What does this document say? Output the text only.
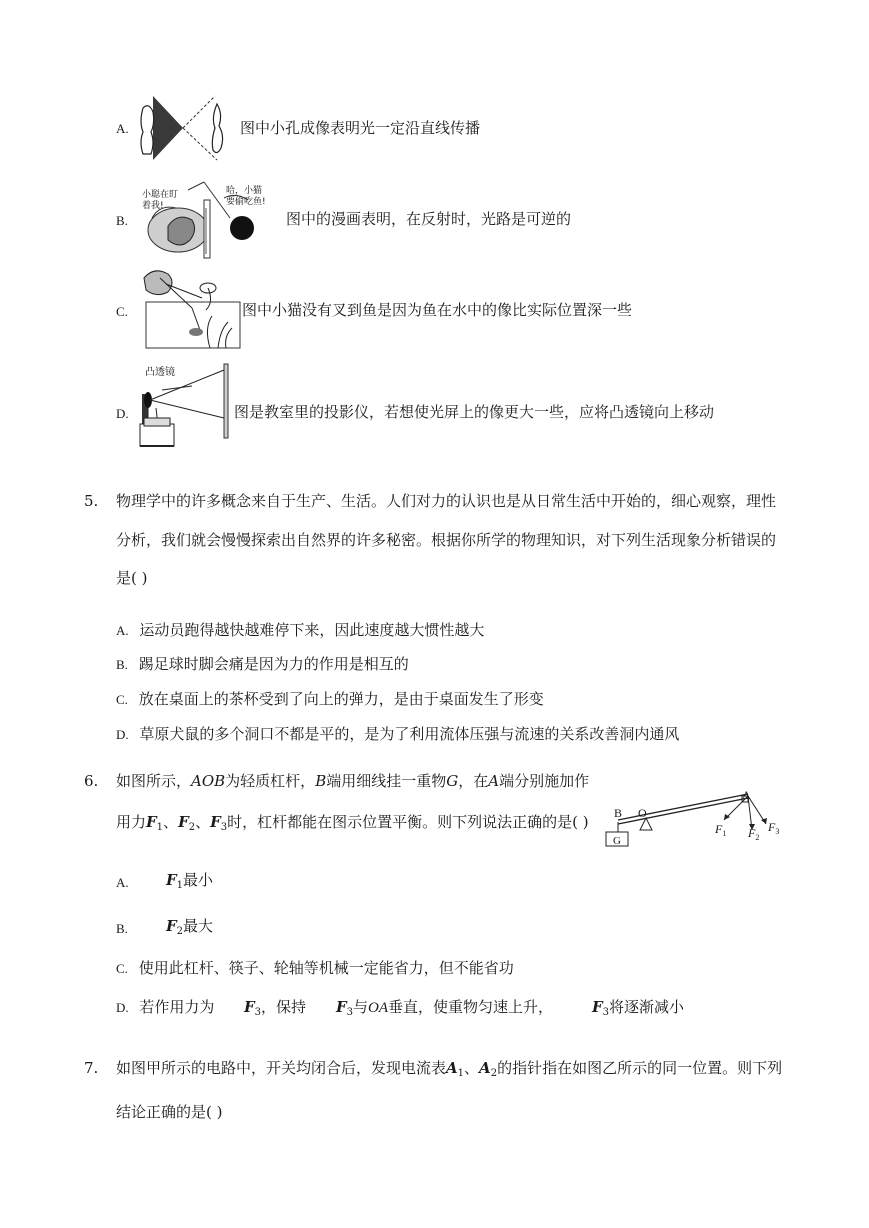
A.	图中小孔成像表明光一定沿直线传播
小聪在盯着我!
哈，小猫要偷吃鱼!
B.	图中的漫画表明，在反射时，光路是可逆的
C.	图中小猫没有叉到鱼是因为鱼在水中的像比实际位置深一些
凸透镜
D.	图是教室里的投影仪，若想使光屏上的像更大一些，应将凸透镜向上移动
5. 物理学中的许多概念来自于生产、生活。人们对力的认识也是从日常生活中开始的，细心观察，理性
分析，我们就会慢慢探索出自然界的许多秘密。根据你所学的物理知识，对下列生活现象分析错误的
是( )
A. 运动员跑得越快越难停下来，因此速度越大惯性越大
B. 踢足球时脚会痛是因为力的作用是相互的
C. 放在桌面上的茶杯受到了向上的弹力，是由于桌面发生了形变
D. 草原犬鼠的多个洞口不都是平的，是为了利用流体压强与流速的关系改善洞内通风
6. 如图所示，AOB为轻质杠杆，B端用细线挂一重物G，在A端分别施加作
用力$F_1$、$F_2$、$F_3$时，杠杆都能在图示位置平衡。则下列说法正确的是( )
A
B O
G
$F_1$ $F_2$
$F_3$
A. $F_1$最小
B.	$F_2$最大
C. 使用此杠杆、筷子、轮轴等机械一定能省力，但不能省功
D. 若作用力为 $F_3$，保持 $F_3$与OA垂直，使重物匀速上升，	$F_3$将逐渐减小
7. 如图甲所示的电路中，开关均闭合后，发现电流表$A_1$、$A_2$的指针指在如图乙所示的同一位置。则下列
结论正确的是( )
